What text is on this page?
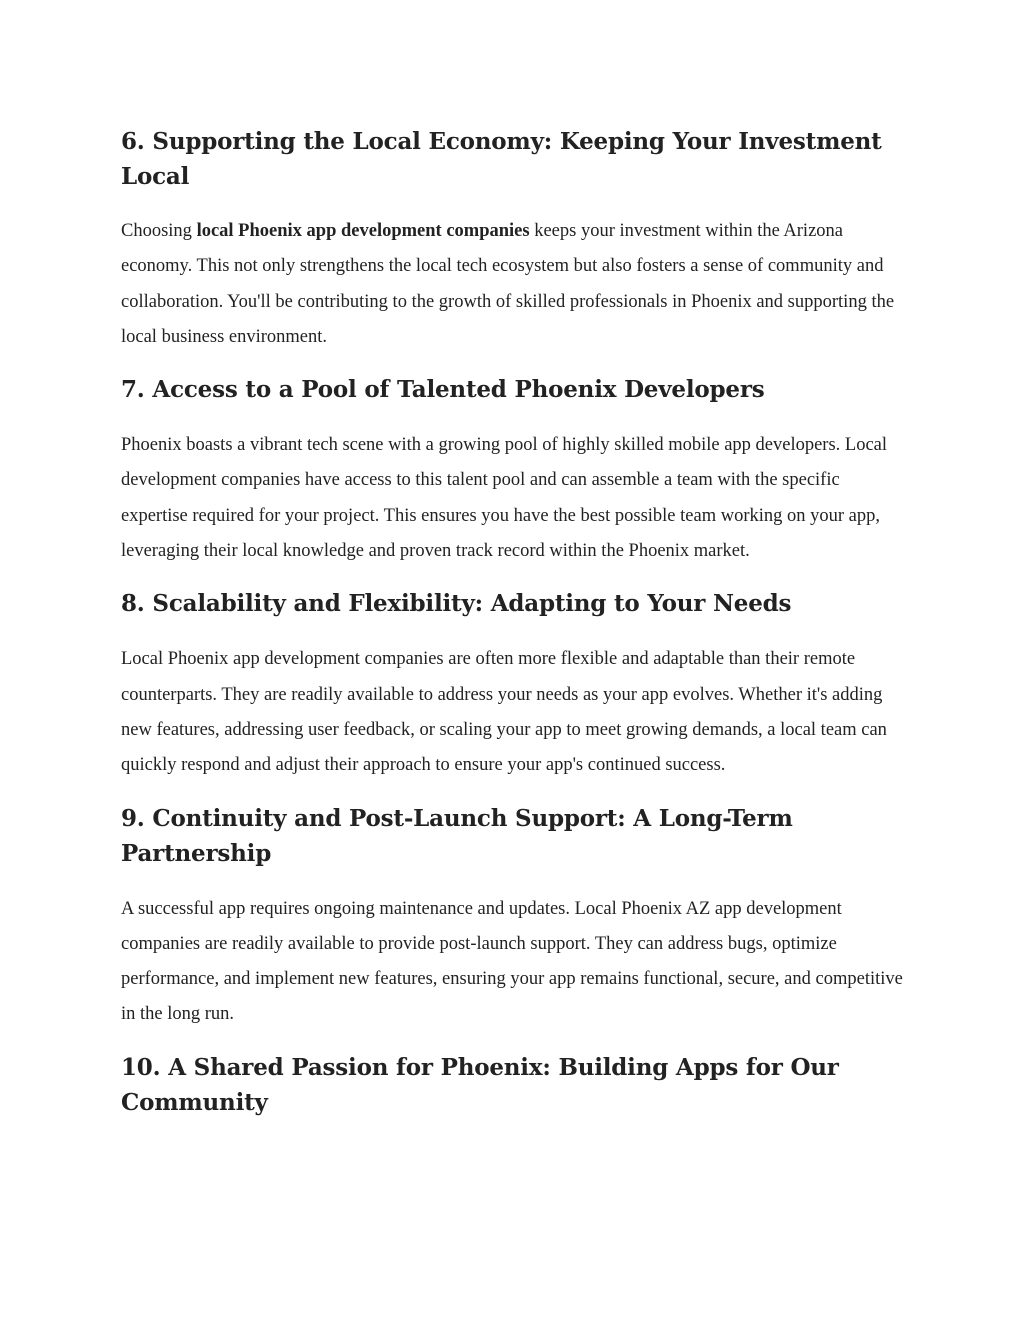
6. Supporting the Local Economy: Keeping Your Investment Local

Choosing local Phoenix app development companies keeps your investment within the Arizona economy. This not only strengthens the local tech ecosystem but also fosters a sense of community and collaboration. You'll be contributing to the growth of skilled professionals in Phoenix and supporting the local business environment.

7. Access to a Pool of Talented Phoenix Developers

Phoenix boasts a vibrant tech scene with a growing pool of highly skilled mobile app developers. Local development companies have access to this talent pool and can assemble a team with the specific expertise required for your project. This ensures you have the best possible team working on your app, leveraging their local knowledge and proven track record within the Phoenix market.

8. Scalability and Flexibility: Adapting to Your Needs

Local Phoenix app development companies are often more flexible and adaptable than their remote counterparts. They are readily available to address your needs as your app evolves. Whether it's adding new features, addressing user feedback, or scaling your app to meet growing demands, a local team can quickly respond and adjust their approach to ensure your app's continued success.

9. Continuity and Post-Launch Support: A Long-Term Partnership

A successful app requires ongoing maintenance and updates. Local Phoenix AZ app development companies are readily available to provide post-launch support. They can address bugs, optimize performance, and implement new features, ensuring your app remains functional, secure, and competitive in the long run.

10. A Shared Passion for Phoenix: Building Apps for Our Community
